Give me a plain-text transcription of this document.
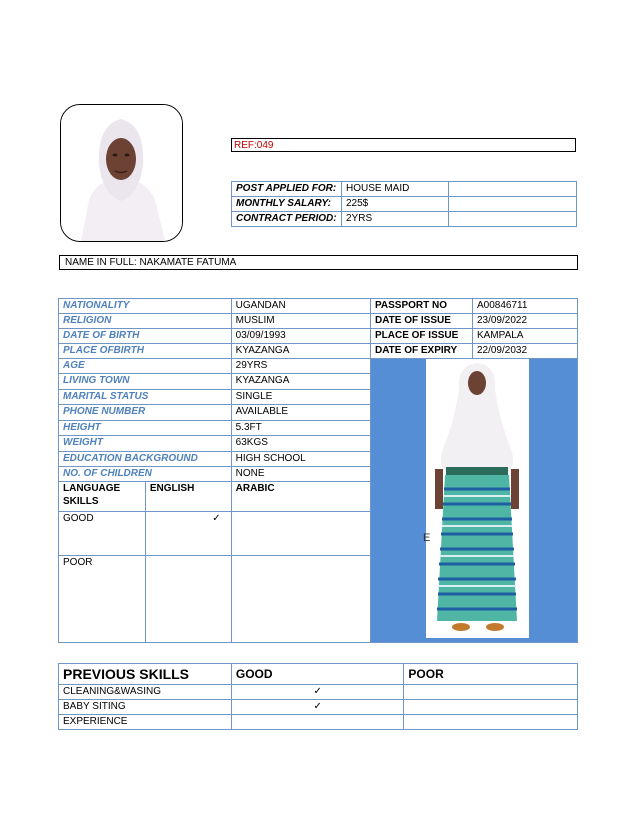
REF:049
POST APPLIED FOR:	HOUSE MAID	
MONTHLY SALARY:	225$	
CONTRACT PERIOD:	2YRS	
NAME IN FULL: NAKAMATE FATUMA
NATIONALITY		UGANDAN	PASSPORT NO	A00846711
RELIGION		MUSLIM	DATE OF ISSUE	23/09/2022
DATE OF BIRTH		03/09/1993	PLACE OF ISSUE	KAMPALA
PLACE OFBIRTH		KYAZANGA	DATE OF EXPIRY	22/09/2032
AGE		29YRS	E	

LIVING TOWN		KYAZANGA		
MARITAL STATUS		SINGLE		
PHONE NUMBER		AVAILABLE		
HEIGHT		5.3FT		
WEIGHT		63KGS		
EDUCATION BACKGROUND		HIGH SCHOOL		
NO. OF CHILDREN		NONE		
LANGUAGE SKILLS	ENGLISH	ARABIC		
GOOD	✓			
POOR				
PREVIOUS SKILLS	GOOD	POOR
CLEANING&WASING	✓	
BABY SITING	✓	
EXPERIENCE		
